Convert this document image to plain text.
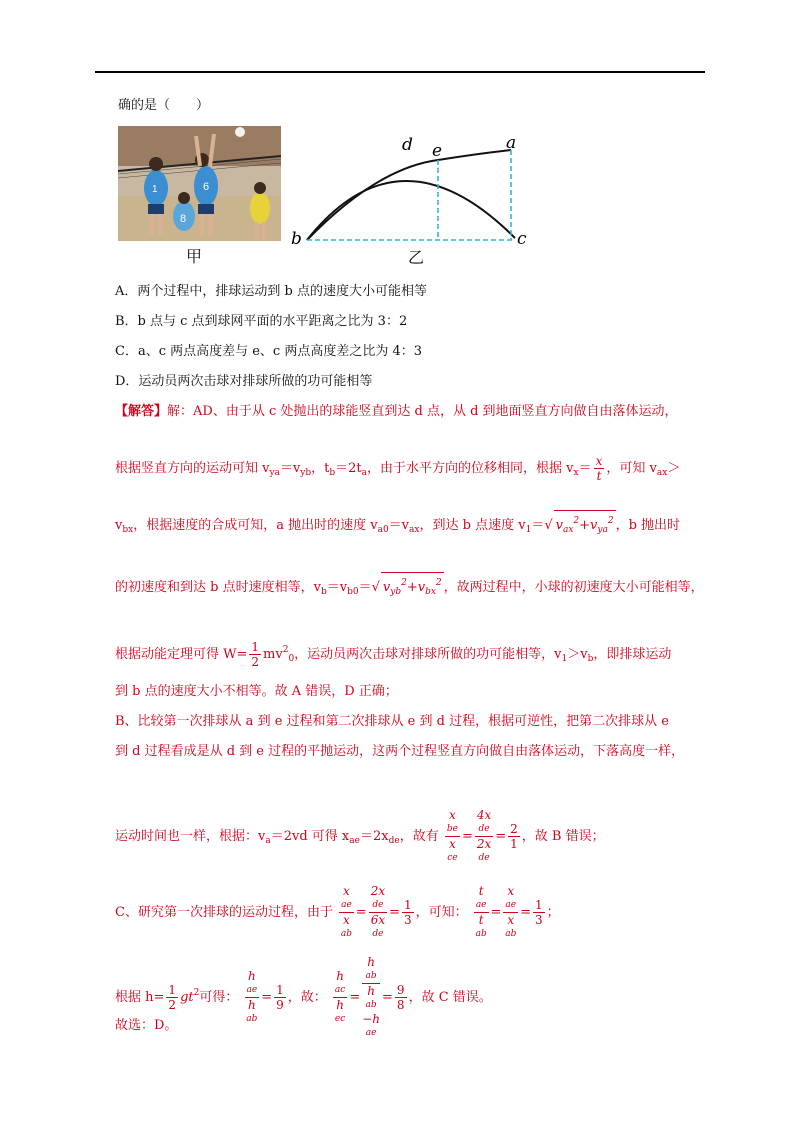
确的是（　　）
1	6
8
甲
d e	a
b	c
乙
A．两个过程中，排球运动到 b 点的速度大小可能相等
B．b 点与 c 点到球网平面的水平距离之比为 3：2
C．a、c 两点高度差与 e、c 两点高度差之比为 4：3
D．运动员两次击球对排球所做的功可能相等
【解答】解：AD、由于从 c 处抛出的球能竖直到达 d 点，从 d 到地面竖直方向做自由落体运动，
根据竖直方向的运动可知 $v_{ya}=v_{yb}$，$t_b=2t_a$，由于水平方向的位移相同，根据 $v_x= \frac{x}{t}$ ，可知 $v_{ax}>$
$v_{bx}$，根据速度的合成可知，a 抛出时的速度 $v_{a0}=v_{ax}$，到达 b 点速度 $v_1=√$ $v_{ax}^2+v_{ya}^2$ ，b 抛出时
的初速度和到达 b 点时速度相等，$v_b=v_{b0}=√$ $v_{yb}^2+v_{bx}^2$ ，故两过程中，小球的初速度大小可能相等，
根据动能定理可得 $W= \frac{1}{2} mv^2_0$，运动员两次击球对排球所做的功可能相等，$v_1>v_b$，即排球运动
到 b 点的速度大小不相等。故 A 错误，D 正确；
B、比较第一次排球从 a 到 e 过程和第二次排球从 e 到 d 过程，根据可逆性，把第二次排球从 e
到 d 过程看成是从 d 到 e 过程的平抛运动，这两个过程竖直方向做自由落体运动，下落高度一样，
运动时间也一样，根据：$v_a=2vd$ 可得 $x_{ae}=2x_{de}$，故有 x
be
x
ce = 4x
de
2x
de = $\frac{2}{1}$ ，故 B 错误；
C、研究第一次排球的运动过程，由于 x
ae
x
ab = 2x
de
6x
de = $\frac{1}{3}$ ，可知： t
ae
t
ab = x
ae
x
ab = $\frac{1}{3}$ ；
根据 $h= \frac{1}{2} gt^2$可得： h
ae
h
ab = $\frac{1}{9}$ ，故： h
ac
h
ec = h
ab
h
ab
−h
ae = $\frac{9}{8}$ ，故 C 错误。
故选：D。
